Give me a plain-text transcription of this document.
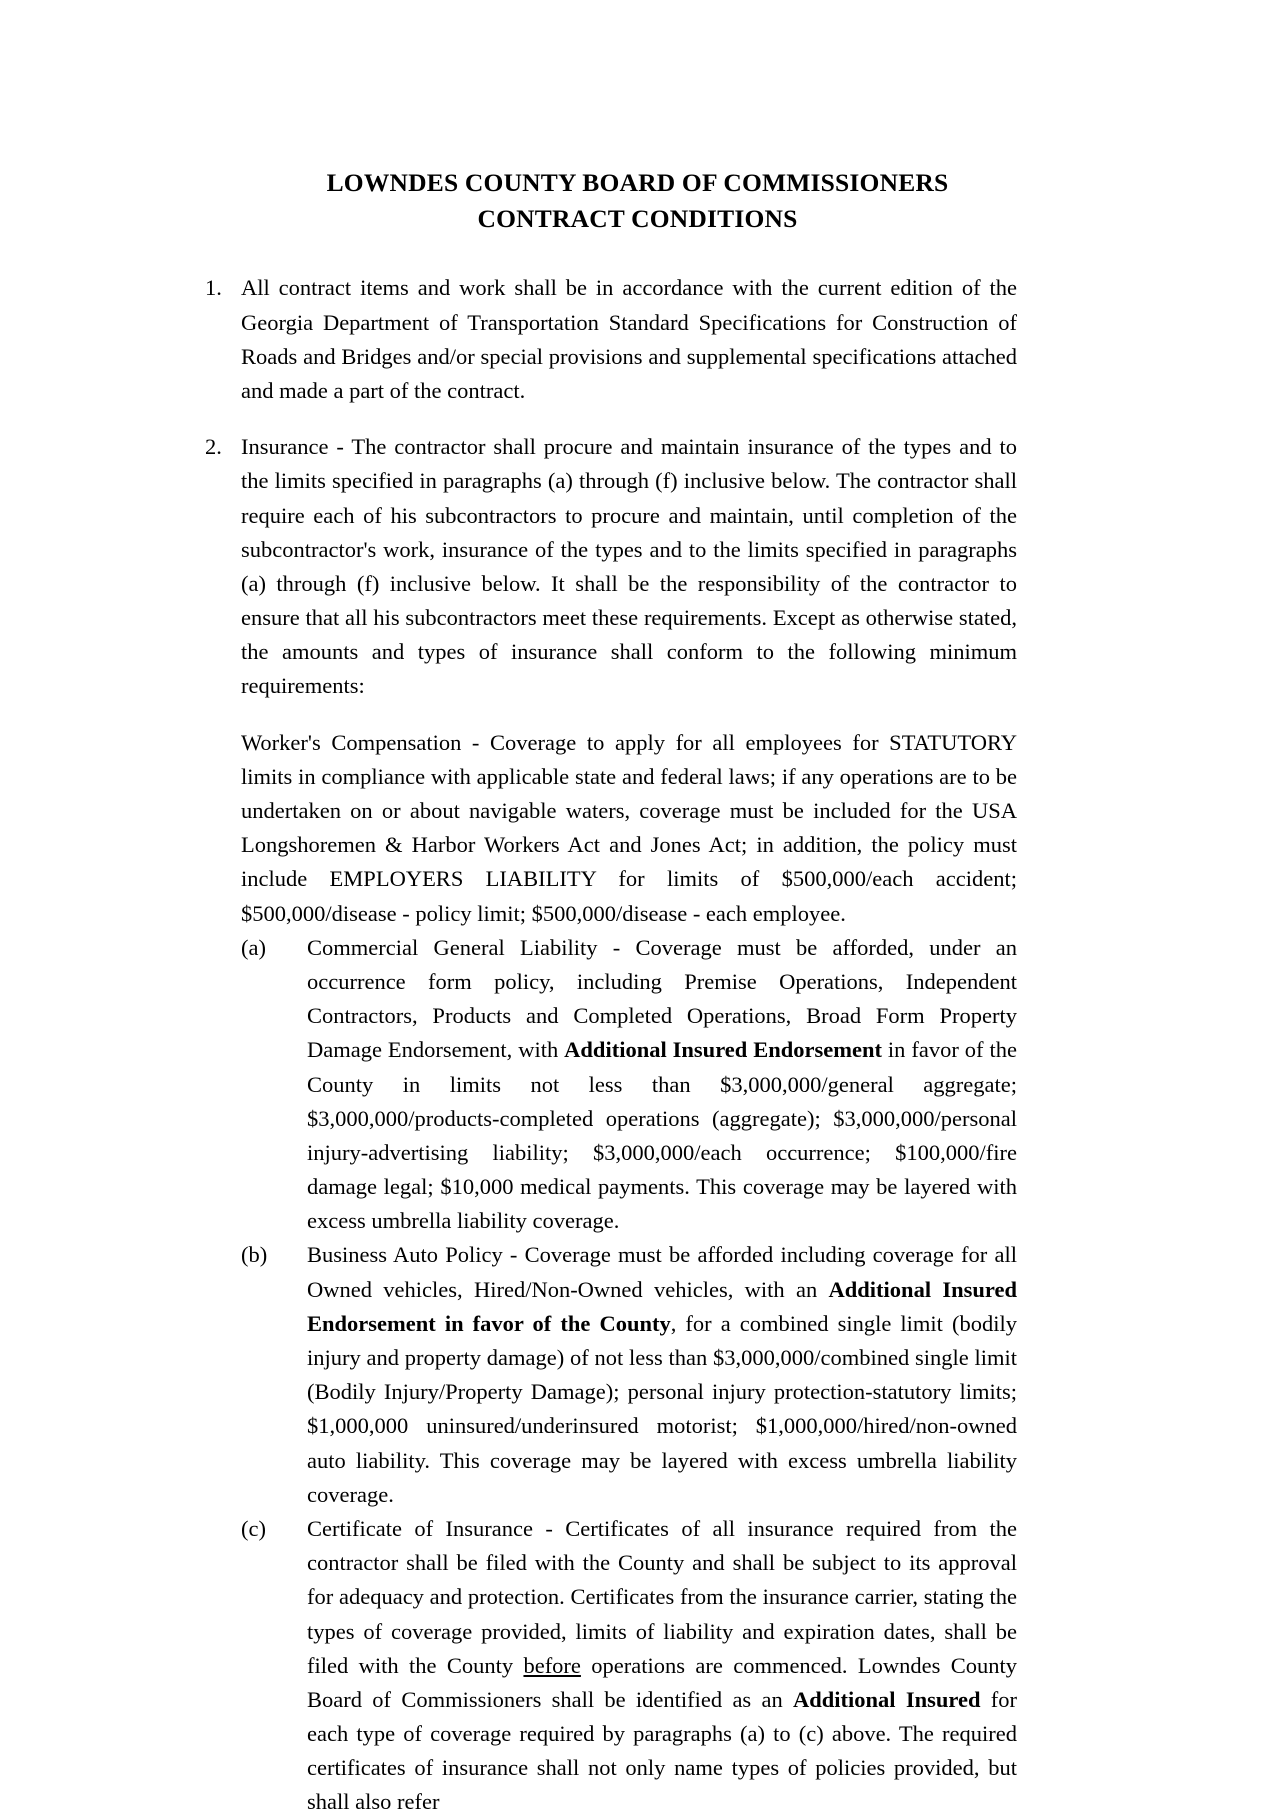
LOWNDES COUNTY BOARD OF COMMISSIONERS
CONTRACT CONDITIONS
1. All contract items and work shall be in accordance with the current edition of the Georgia Department of Transportation Standard Specifications for Construction of Roads and Bridges and/or special provisions and supplemental specifications attached and made a part of the contract.
2. Insurance - The contractor shall procure and maintain insurance of the types and to the limits specified in paragraphs (a) through (f) inclusive below. The contractor shall require each of his subcontractors to procure and maintain, until completion of the subcontractor's work, insurance of the types and to the limits specified in paragraphs (a) through (f) inclusive below. It shall be the responsibility of the contractor to ensure that all his subcontractors meet these requirements. Except as otherwise stated, the amounts and types of insurance shall conform to the following minimum requirements:

Worker's Compensation - Coverage to apply for all employees for STATUTORY limits in compliance with applicable state and federal laws; if any operations are to be undertaken on or about navigable waters, coverage must be included for the USA Longshoremen & Harbor Workers Act and Jones Act; in addition, the policy must include EMPLOYERS LIABILITY for limits of $500,000/each accident; $500,000/disease - policy limit; $500,000/disease - each employee.

(a)	Commercial General Liability - Coverage must be afforded, under an occurrence form policy, including Premise Operations, Independent Contractors, Products and Completed Operations, Broad Form Property Damage Endorsement, with Additional Insured Endorsement in favor of the County in limits not less than $3,000,000/general aggregate; $3,000,000/products-completed operations (aggregate); $3,000,000/personal injury-advertising liability; $3,000,000/each occurrence; $100,000/fire damage legal; $10,000 medical payments. This coverage may be layered with excess umbrella liability coverage.
(b)	Business Auto Policy - Coverage must be afforded including coverage for all Owned vehicles, Hired/Non-Owned vehicles, with an Additional Insured Endorsement in favor of the County, for a combined single limit (bodily injury and property damage) of not less than $3,000,000/combined single limit (Bodily Injury/Property Damage); personal injury protection-statutory limits; $1,000,000 uninsured/underinsured motorist; $1,000,000/hired/non-owned auto liability. This coverage may be layered with excess umbrella liability coverage.
(c)	Certificate of Insurance - Certificates of all insurance required from the contractor shall be filed with the County and shall be subject to its approval for adequacy and protection. Certificates from the insurance carrier, stating the types of coverage provided, limits of liability and expiration dates, shall be filed with the County before operations are commenced. Lowndes County Board of Commissioners shall be identified as an Additional Insured for each type of coverage required by paragraphs (a) to (c) above. The required certificates of insurance shall not only name types of policies provided, but shall also refer
